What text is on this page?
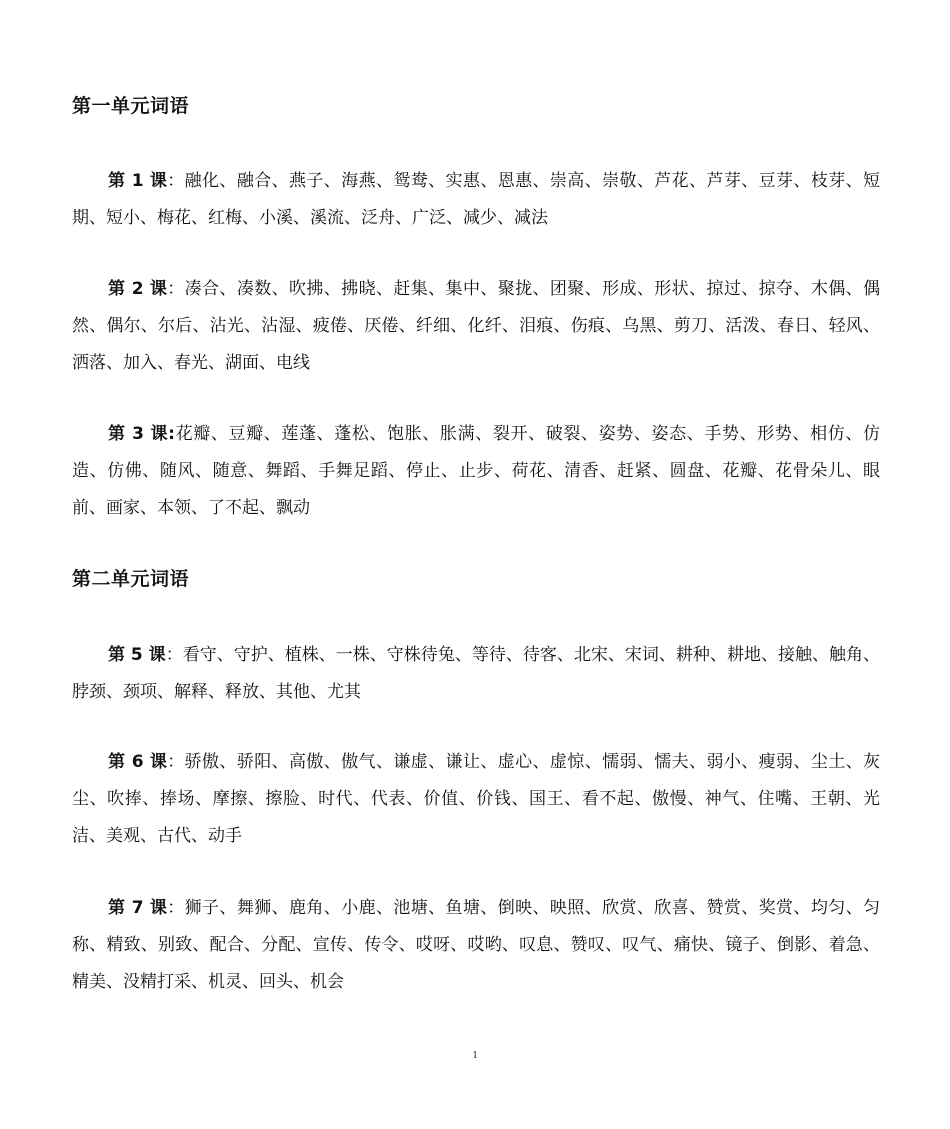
第一单元词语

第 1 课：融化、融合、燕子、海燕、鸳鸯、实惠、恩惠、崇高、崇敬、芦花、芦芽、豆芽、枝芽、短期、短小、梅花、红梅、小溪、溪流、泛舟、广泛、减少、减法

第 2 课：凑合、凑数、吹拂、拂晓、赶集、集中、聚拢、团聚、形成、形状、掠过、掠夺、木偶、偶然、偶尔、尔后、沾光、沾湿、疲倦、厌倦、纤细、化纤、泪痕、伤痕、乌黑、剪刀、活泼、春日、轻风、洒落、加入、春光、湖面、电线

第 3 课:花瓣、豆瓣、莲蓬、蓬松、饱胀、胀满、裂开、破裂、姿势、姿态、手势、形势、相仿、仿造、仿佛、随风、随意、舞蹈、手舞足蹈、停止、止步、荷花、清香、赶紧、圆盘、花瓣、花骨朵儿、眼前、画家、本领、了不起、飘动

第二单元词语

第 5 课：看守、守护、植株、一株、守株待兔、等待、待客、北宋、宋词、耕种、耕地、接触、触角、脖颈、颈项、解释、释放、其他、尤其

第 6 课：骄傲、骄阳、高傲、傲气、谦虚、谦让、虚心、虚惊、懦弱、懦夫、弱小、瘦弱、尘土、灰尘、吹捧、捧场、摩擦、擦脸、时代、代表、价值、价钱、国王、看不起、傲慢、神气、住嘴、王朝、光洁、美观、古代、动手

第 7 课：狮子、舞狮、鹿角、小鹿、池塘、鱼塘、倒映、映照、欣赏、欣喜、赞赏、奖赏、均匀、匀称、精致、别致、配合、分配、宣传、传令、哎呀、哎哟、叹息、赞叹、叹气、痛快、镜子、倒影、着急、精美、没精打采、机灵、回头、机会

1
